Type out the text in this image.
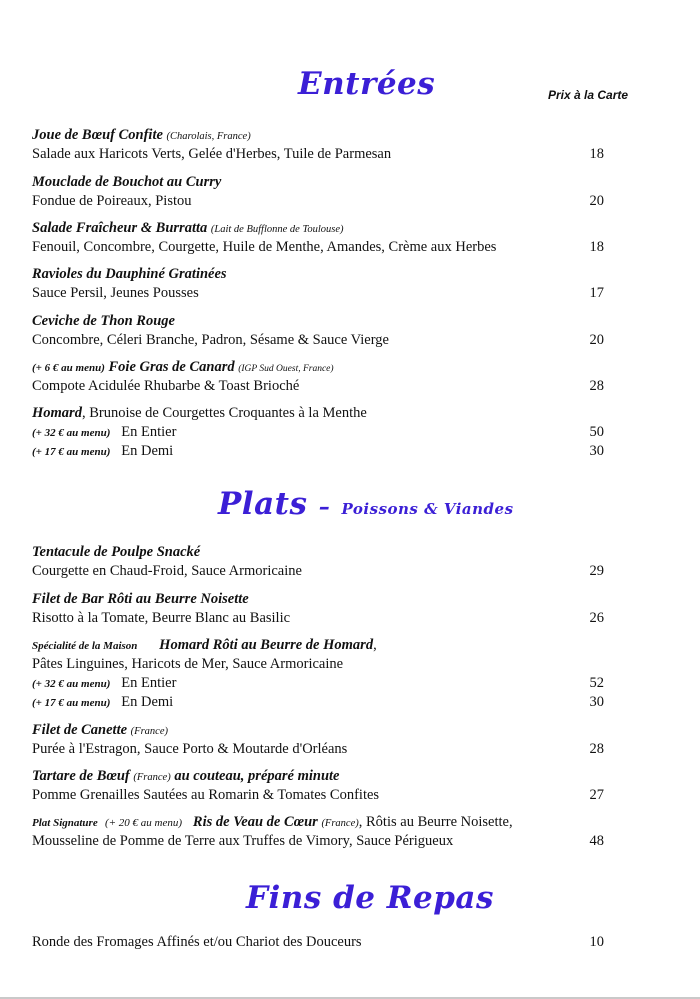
Entrées	Prix à la Carte
Joue de Bœuf Confite (Charolais, France)
Salade aux Haricots Verts, Gelée d'Herbes, Tuile de Parmesan	18
Mouclade de Bouchot au Curry
Fondue de Poireaux, Pistou	20
Salade Fraîcheur & Burratta (Lait de Bufflonne de Toulouse)
Fenouil, Concombre, Courgette, Huile de Menthe, Amandes, Crème aux Herbes	18
Ravioles du Dauphiné Gratinées
Sauce Persil, Jeunes Pousses	17
Ceviche de Thon Rouge
Concombre, Céleri Branche, Padron, Sésame & Sauce Vierge	20
(+ 6 € au menu) Foie Gras de Canard (IGP Sud Ouest, France)
Compote Acidulée Rhubarbe & Toast Brioché	28
Homard, Brunoise de Courgettes Croquantes à la Menthe
(+ 32 € au menu) En Entier	50
(+ 17 € au menu) En Demi	30
Plats – Poissons & Viandes
Tentacule de Poulpe Snacké
Courgette en Chaud-Froid, Sauce Armoricaine	29
Filet de Bar Rôti au Beurre Noisette
Risotto à la Tomate, Beurre Blanc au Basilic	26
Spécialité de la Maison Homard Rôti au Beurre de Homard,
Pâtes Linguines, Haricots de Mer, Sauce Armoricaine
(+ 32 € au menu) En Entier	52
(+ 17 € au menu) En Demi	30
Filet de Canette (France)
Purée à l'Estragon, Sauce Porto & Moutarde d'Orléans	28
Tartare de Bœuf (France) au couteau, préparé minute
Pomme Grenailles Sautées au Romarin & Tomates Confites	27
Plat Signature (+ 20 € au menu) Ris de Veau de Cœur (France), Rôtis au Beurre Noisette,
Mousseline de Pomme de Terre aux Truffes de Vimory, Sauce Périgueux	48
Fins de Repas
Ronde des Fromages Affinés et/ou Chariot des Douceurs	10
